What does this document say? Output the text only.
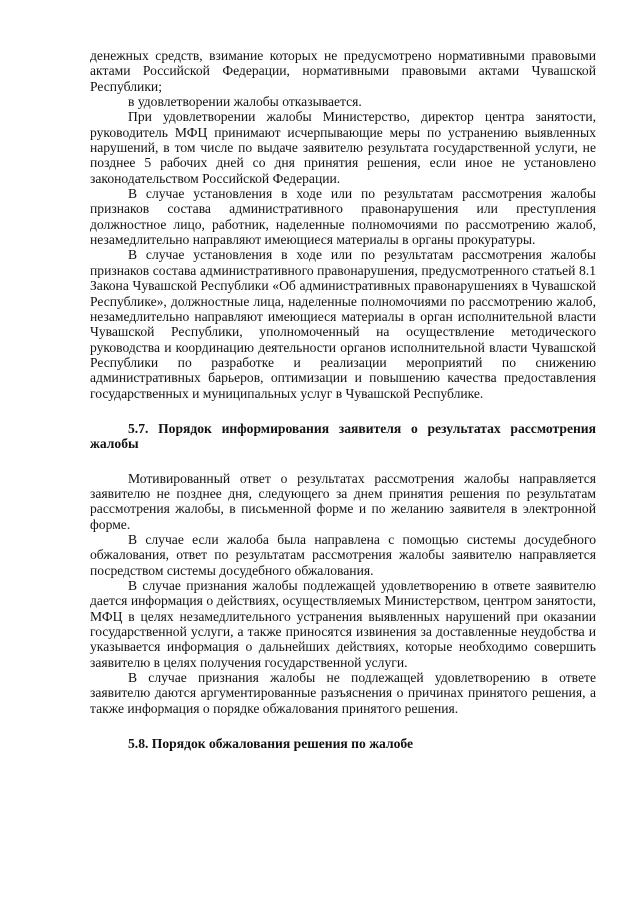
денежных средств, взимание которых не предусмотрено нормативными правовыми актами Российской Федерации, нормативными правовыми актами Чувашской Республики;

в удовлетворении жалобы отказывается.

При удовлетворении жалобы Министерство, директор центра занятости, руководитель МФЦ принимают исчерпывающие меры по устранению выявленных нарушений, в том числе по выдаче заявителю результата государственной услуги, не позднее 5 рабочих дней со дня принятия решения, если иное не установлено законодательством Российской Федерации.

В случае установления в ходе или по результатам рассмотрения жалобы признаков состава административного правонарушения или преступления должностное лицо, работник, наделенные полномочиями по рассмотрению жалоб, незамедлительно направляют имеющиеся материалы в органы прокуратуры.

В случае установления в ходе или по результатам рассмотрения жалобы признаков состава административного правонарушения, предусмотренного статьей 8.1 Закона Чувашской Республики «Об административных правонарушениях в Чувашской Республике», должностные лица, наделенные полномочиями по рассмотрению жалоб, незамедлительно направляют имеющиеся материалы в орган исполнительной власти Чувашской Республики, уполномоченный на осуществление методического руководства и координацию деятельности органов исполнительной власти Чувашской Республики по разработке и реализации мероприятий по снижению административных барьеров, оптимизации и повышению качества предоставления государственных и муниципальных услуг в Чувашской Республике.

5.7. Порядок информирования заявителя о результатах рассмотрения жалобы

Мотивированный ответ о результатах рассмотрения жалобы направляется заявителю не позднее дня, следующего за днем принятия решения по результатам рассмотрения жалобы, в письменной форме и по желанию заявителя в электронной форме.

В случае если жалоба была направлена с помощью системы досудебного обжалования, ответ по результатам рассмотрения жалобы заявителю направляется посредством системы досудебного обжалования.

В случае признания жалобы подлежащей удовлетворению в ответе заявителю дается информация о действиях, осуществляемых Министерством, центром занятости, МФЦ в целях незамедлительного устранения выявленных нарушений при оказании государственной услуги, а также приносятся извинения за доставленные неудобства и указывается информация о дальнейших действиях, которые необходимо совершить заявителю в целях получения государственной услуги.

В случае признания жалобы не подлежащей удовлетворению в ответе заявителю даются аргументированные разъяснения о причинах принятого решения, а также информация о порядке обжалования принятого решения.

5.8. Порядок обжалования решения по жалобе
